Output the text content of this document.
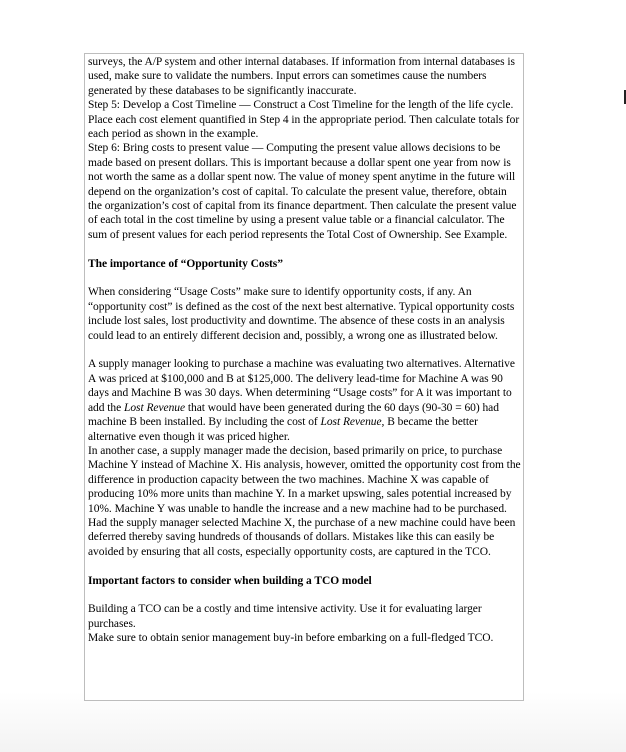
surveys, the A/P system and other internal databases. If information from internal databases is used, make sure to validate the numbers. Input errors can sometimes cause the numbers generated by these databases to be significantly inaccurate.

Step 5: Develop a Cost Timeline — Construct a Cost Timeline for the length of the life cycle. Place each cost element quantified in Step 4 in the appropriate period. Then calculate totals for each period as shown in the example.

Step 6: Bring costs to present value — Computing the present value allows decisions to be made based on present dollars. This is important because a dollar spent one year from now is not worth the same as a dollar spent now. The value of money spent anytime in the future will depend on the organization’s cost of capital. To calculate the present value, therefore, obtain the organization’s cost of capital from its finance department. Then calculate the present value of each total in the cost timeline by using a present value table or a financial calculator. The sum of present values for each period represents the Total Cost of Ownership. See Example.

The importance of “Opportunity Costs”

When considering “Usage Costs” make sure to identify opportunity costs, if any. An “opportunity cost” is defined as the cost of the next best alternative. Typical opportunity costs include lost sales, lost productivity and downtime. The absence of these costs in an analysis could lead to an entirely different decision and, possibly, a wrong one as illustrated below.

A supply manager looking to purchase a machine was evaluating two alternatives. Alternative A was priced at $100,000 and B at $125,000. The delivery lead-time for Machine A was 90 days and Machine B was 30 days. When determining “Usage costs” for A it was important to add the Lost Revenue that would have been generated during the 60 days (90-30 = 60) had machine B been installed. By including the cost of Lost Revenue, B became the better alternative even though it was priced higher.

In another case, a supply manager made the decision, based primarily on price, to purchase Machine Y instead of Machine X. His analysis, however, omitted the opportunity cost from the difference in production capacity between the two machines. Machine X was capable of producing 10% more units than machine Y. In a market upswing, sales potential increased by 10%. Machine Y was unable to handle the increase and a new machine had to be purchased. Had the supply manager selected Machine X, the purchase of a new machine could have been deferred thereby saving hundreds of thousands of dollars. Mistakes like this can easily be avoided by ensuring that all costs, especially opportunity costs, are captured in the TCO.

Important factors to consider when building a TCO model

Building a TCO can be a costly and time intensive activity. Use it for evaluating larger purchases.

Make sure to obtain senior management buy-in before embarking on a full-fledged TCO.
